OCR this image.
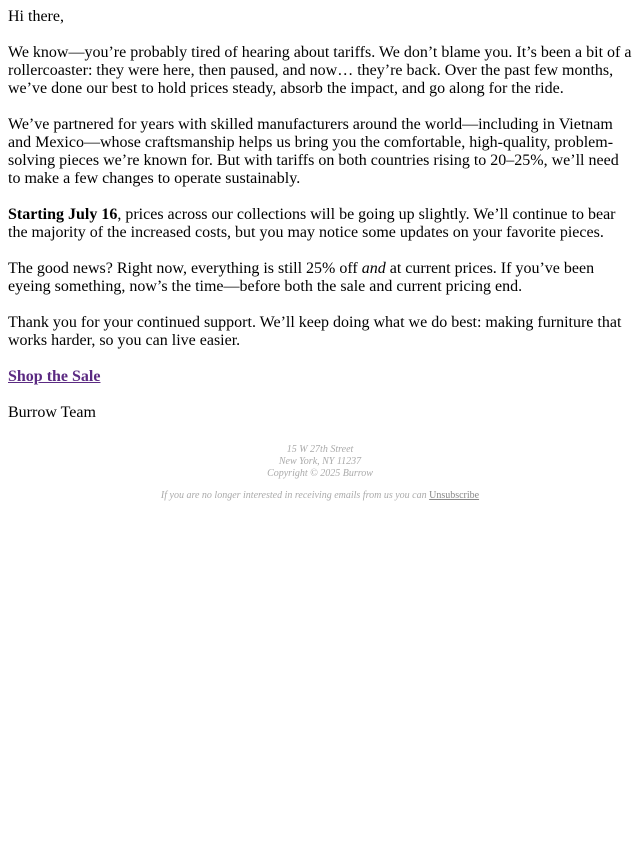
Hi there,

We know—you’re probably tired of hearing about tariffs. We don’t blame you. It’s been a bit of a rollercoaster: they were here, then paused, and now… they’re back. Over the past few months, we’ve done our best to hold prices steady, absorb the impact, and go along for the ride.

We’ve partnered for years with skilled manufacturers around the world—including in Vietnam and Mexico—whose craftsmanship helps us bring you the comfortable, high-quality, problem-solving pieces we’re known for. But with tariffs on both countries rising to 20–25%, we’ll need to make a few changes to operate sustainably.

Starting July 16, prices across our collections will be going up slightly. We’ll continue to bear the majority of the increased costs, but you may notice some updates on your favorite pieces.

The good news? Right now, everything is still 25% off and at current prices. If you’ve been eyeing something, now’s the time—before both the sale and current pricing end.

Thank you for your continued support. We’ll keep doing what we do best: making furniture that works harder, so you can live easier.

Shop the Sale

Burrow Team

15 W 27th Street
New York, NY 11237
Copyright © 2025 Burrow
If you are no longer interested in receiving emails from us you can Unsubscribe
